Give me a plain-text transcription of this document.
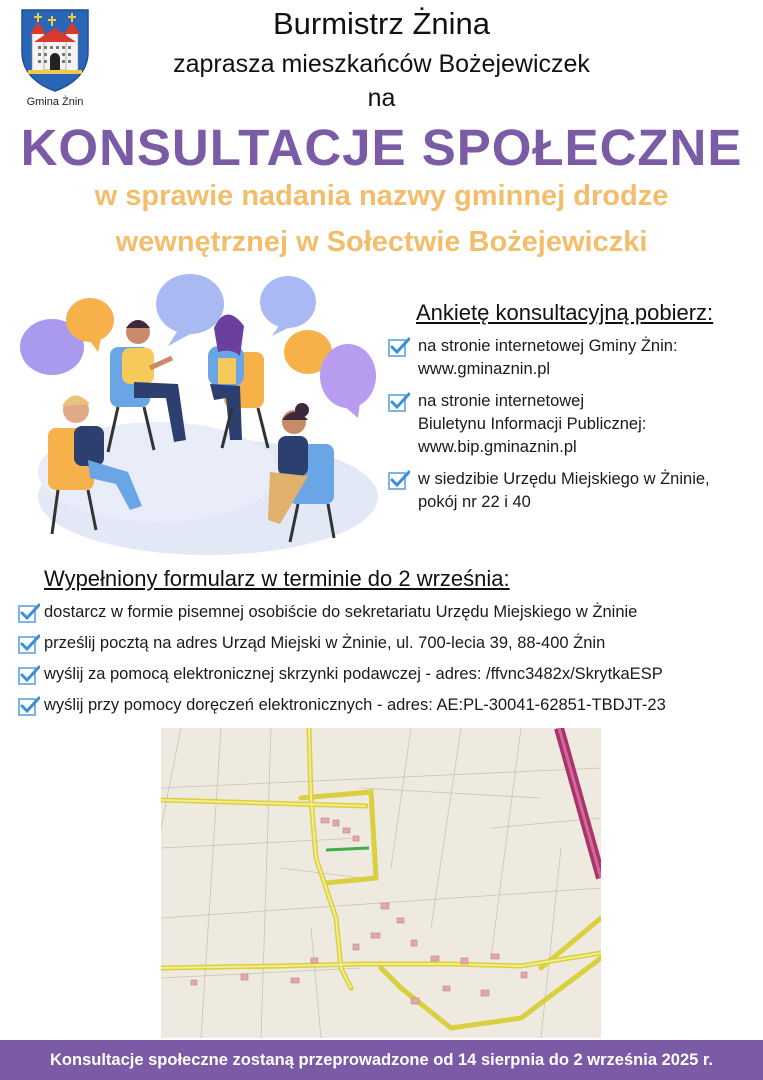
Gmina Żnin
Burmistrz Żnina
zaprasza mieszkańców Bożejewiczek
na
KONSULTACJE SPOŁECZNE
w sprawie nadania nazwy gminnej drodze
wewnętrznej w Sołectwie Bożejewiczki
Ankietę konsultacyjną pobierz:
na stronie internetowej Gminy Żnin:
www.gminaznin.pl
na stronie internetowej
Biuletynu Informacji Publicznej:
www.bip.gminaznin.pl
w siedzibie Urzędu Miejskiego w Żninie,
pokój nr 22 i 40
Wypełniony formularz w terminie do 2 września:
dostarcz w formie pisemnej osobiście do sekretariatu Urzędu Miejskiego w Żninie
prześlij pocztą na adres Urząd Miejski w Żninie, ul. 700-lecia 39, 88-400 Żnin
wyślij za pomocą elektronicznej skrzynki podawczej - adres: /ffvnc3482x/SkrytkaESP
wyślij przy pomocy doręczeń elektronicznych - adres: AE:PL-30041-62851-TBDJT-23
Konsultacje społeczne zostaną przeprowadzone od 14 sierpnia do 2 września 2025 r.
